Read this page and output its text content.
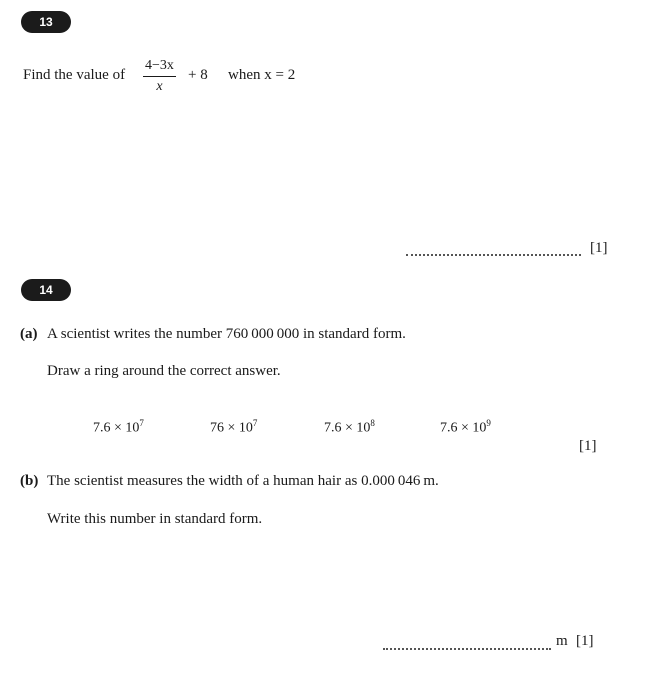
13
Find the value of $\frac{4-3x}{x} + 8$ when x = 2
[1]
14
(a) A scientist writes the number 760 000 000 in standard form.
Draw a ring around the correct answer.
$7.6 \times 10^7$	$76 \times 10^7$	$7.6 \times 10^8$	$7.6 \times 10^9$
[1]
(b) The scientist measures the width of a human hair as 0.000 046 m.
Write this number in standard form.
m [1]
